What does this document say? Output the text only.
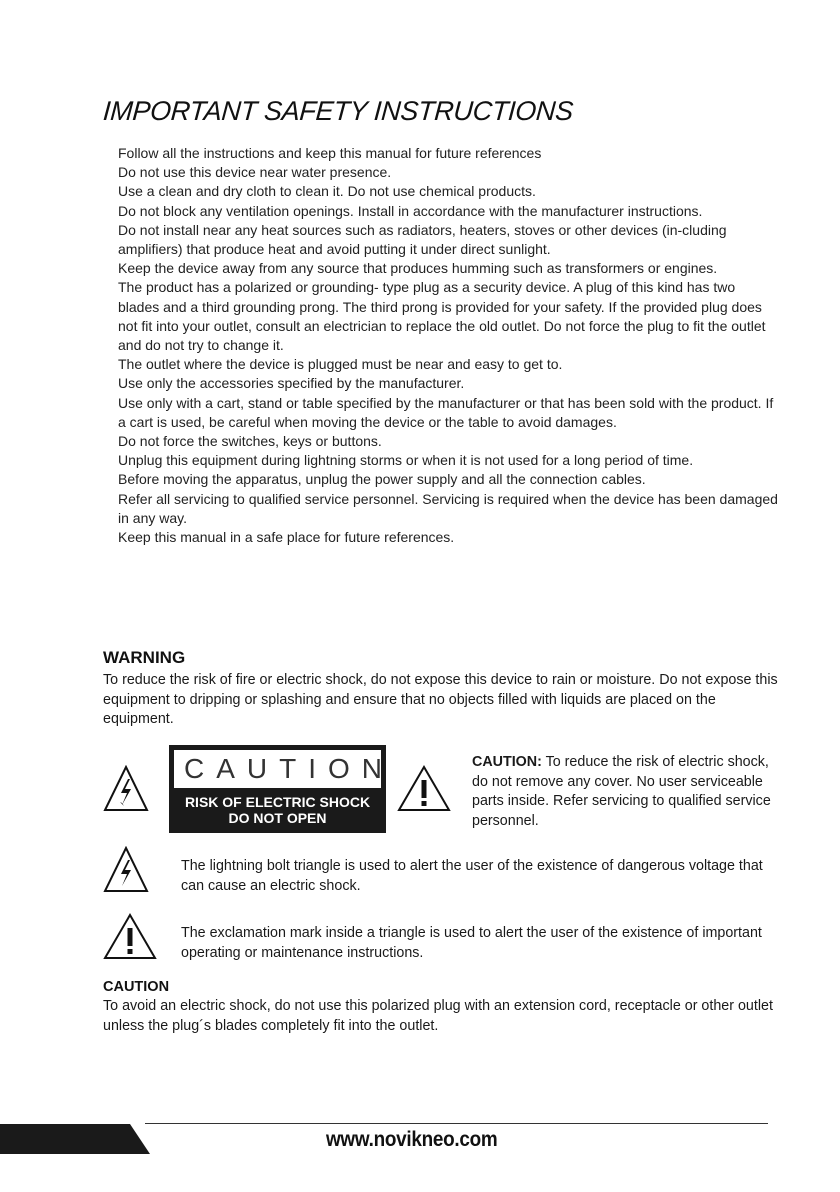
IMPORTANT SAFETY INSTRUCTIONS

Follow all the instructions and keep this manual for future references

Do not use this device near water presence.

Use a clean and dry cloth to clean it. Do not use chemical products.

Do not block any ventilation openings. Install in accordance with the manufacturer instructions.

Do not install near any heat sources such as radiators, heaters, stoves or other devices (in-cluding amplifiers) that produce heat and avoid putting it under direct sunlight.

Keep the device away from any source that produces humming such as transformers or engines.

The product has a polarized or grounding- type plug as a security device. A plug of this kind has two blades and a third grounding prong. The third prong is provided for your safety. If the provided plug does not fit into your outlet, consult an electrician to replace the old outlet. Do not force the plug to fit the outlet and do not try to change it.

The outlet where the device is plugged must be near and easy to get to.

Use only the accessories specified by the manufacturer.

Use only with a cart, stand or table specified by the manufacturer or that has been sold with the product. If a cart is used, be careful when moving the device or the table to avoid damages.

Do not force the switches, keys or buttons.

Unplug this equipment during lightning storms or when it is not used for a long period of time.

Before moving the apparatus, unplug the power supply and all the connection cables.

Refer all servicing to qualified service personnel. Servicing is required when the device has been damaged in any way.

Keep this manual in a safe place for future references.

WARNING

To reduce the risk of fire or electric shock, do not expose this device to rain or moisture. Do not expose this equipment to dripping or splashing and ensure that no objects filled with liquids are placed on the equipment.

CAUTION
RISK OF ELECTRIC SHOCK
DO NOT OPEN

CAUTION: To reduce the risk of electric shock, do not remove any cover. No user serviceable parts inside. Refer servicing to qualified service personnel.

The lightning bolt triangle is used to alert the user of the existence of dangerous voltage that can cause an electric shock.

The exclamation mark inside a triangle is used to alert the user of the existence of important operating or maintenance instructions.

CAUTION

To avoid an electric shock, do not use this polarized plug with an extension cord, receptacle or other outlet unless the plug´s blades completely fit into the outlet.

www.novikneo.com
